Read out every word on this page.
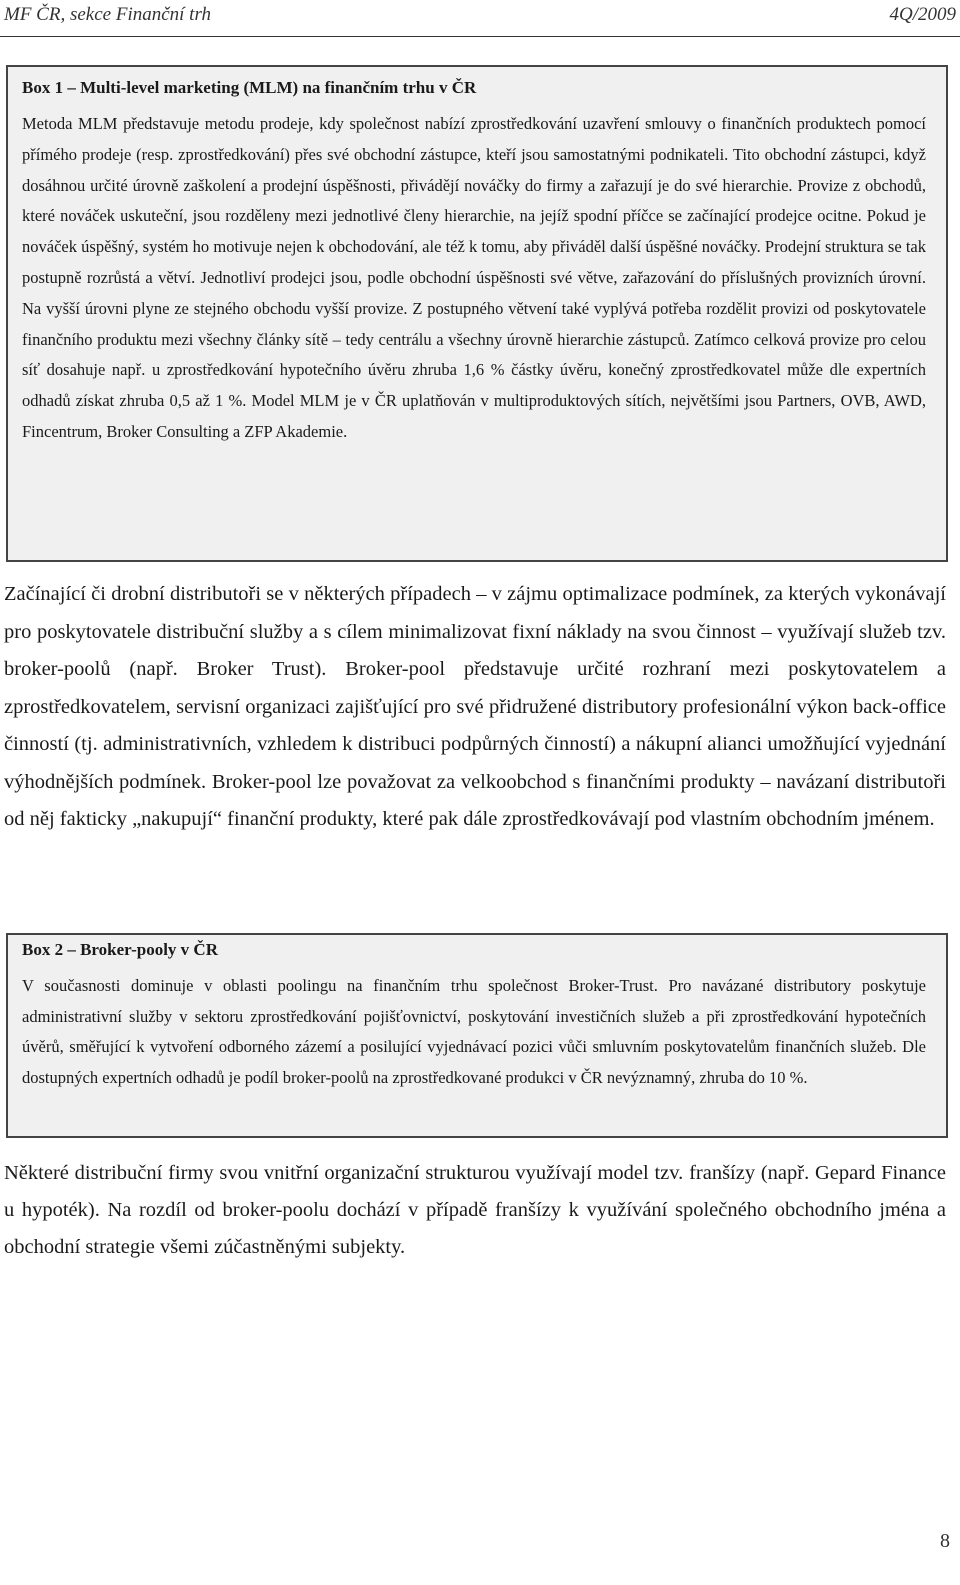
MF ČR, sekce Finanční trh	4Q/2009

Box 1 – Multi-level marketing (MLM) na finančním trhu v ČR

Metoda MLM představuje metodu prodeje, kdy společnost nabízí zprostředkování uzavření smlouvy o finančních produktech pomocí přímého prodeje (resp. zprostředkování) přes své obchodní zástupce, kteří jsou samostatnými podnikateli. Tito obchodní zástupci, když dosáhnou určité úrovně zaškolení a prodejní úspěšnosti, přivádějí nováčky do firmy a zařazují je do své hierarchie. Provize z obchodů, které nováček uskuteční, jsou rozděleny mezi jednotlivé členy hierarchie, na jejíž spodní příčce se začínající prodejce ocitne. Pokud je nováček úspěšný, systém ho motivuje nejen k obchodování, ale též k tomu, aby přiváděl další úspěšné nováčky. Prodejní struktura se tak postupně rozrůstá a větví. Jednotliví prodejci jsou, podle obchodní úspěšnosti své větve, zařazování do příslušných provizních úrovní. Na vyšší úrovni plyne ze stejného obchodu vyšší provize. Z postupného větvení také vyplývá potřeba rozdělit provizi od poskytovatele finančního produktu mezi všechny články sítě – tedy centrálu a všechny úrovně hierarchie zástupců. Zatímco celková provize pro celou síť dosahuje např. u zprostředkování hypotečního úvěru zhruba 1,6 % částky úvěru, konečný zprostředkovatel může dle expertních odhadů získat zhruba 0,5 až 1 %. Model MLM je v ČR uplatňován v multiproduktových sítích, největšími jsou Partners, OVB, AWD, Fincentrum, Broker Consulting a ZFP Akademie.

Začínající či drobní distributoři se v některých případech – v zájmu optimalizace podmínek, za kterých vykonávají pro poskytovatele distribuční služby a s cílem minimalizovat fixní náklady na svou činnost – využívají služeb tzv. broker-poolů (např. Broker Trust). Broker-pool představuje určité rozhraní mezi poskytovatelem a zprostředkovatelem, servisní organizaci zajišťující pro své přidružené distributory profesionální výkon back-office činností (tj. administrativních, vzhledem k distribuci podpůrných činností) a nákupní alianci umožňující vyjednání výhodnějších podmínek. Broker-pool lze považovat za velkoobchod s finančními produkty – navázaní distributoři od něj fakticky „nakupují“ finanční produkty, které pak dále zprostředkovávají pod vlastním obchodním jménem.

Box 2 – Broker-pooly v ČR

V současnosti dominuje v oblasti poolingu na finančním trhu společnost Broker-Trust. Pro navázané distributory poskytuje administrativní služby v sektoru zprostředkování pojišťovnictví, poskytování investičních služeb a při zprostředkování hypotečních úvěrů, směřující k vytvoření odborného zázemí a posilující vyjednávací pozici vůči smluvním poskytovatelům finančních služeb. Dle dostupných expertních odhadů je podíl broker-poolů na zprostředkované produkci v ČR nevýznamný, zhruba do 10 %.

Některé distribuční firmy svou vnitřní organizační strukturou využívají model tzv. franšízy (např. Gepard Finance u hypoték). Na rozdíl od broker-poolu dochází v případě franšízy k využívání společného obchodního jména a obchodní strategie všemi zúčastněnými subjekty.

8
